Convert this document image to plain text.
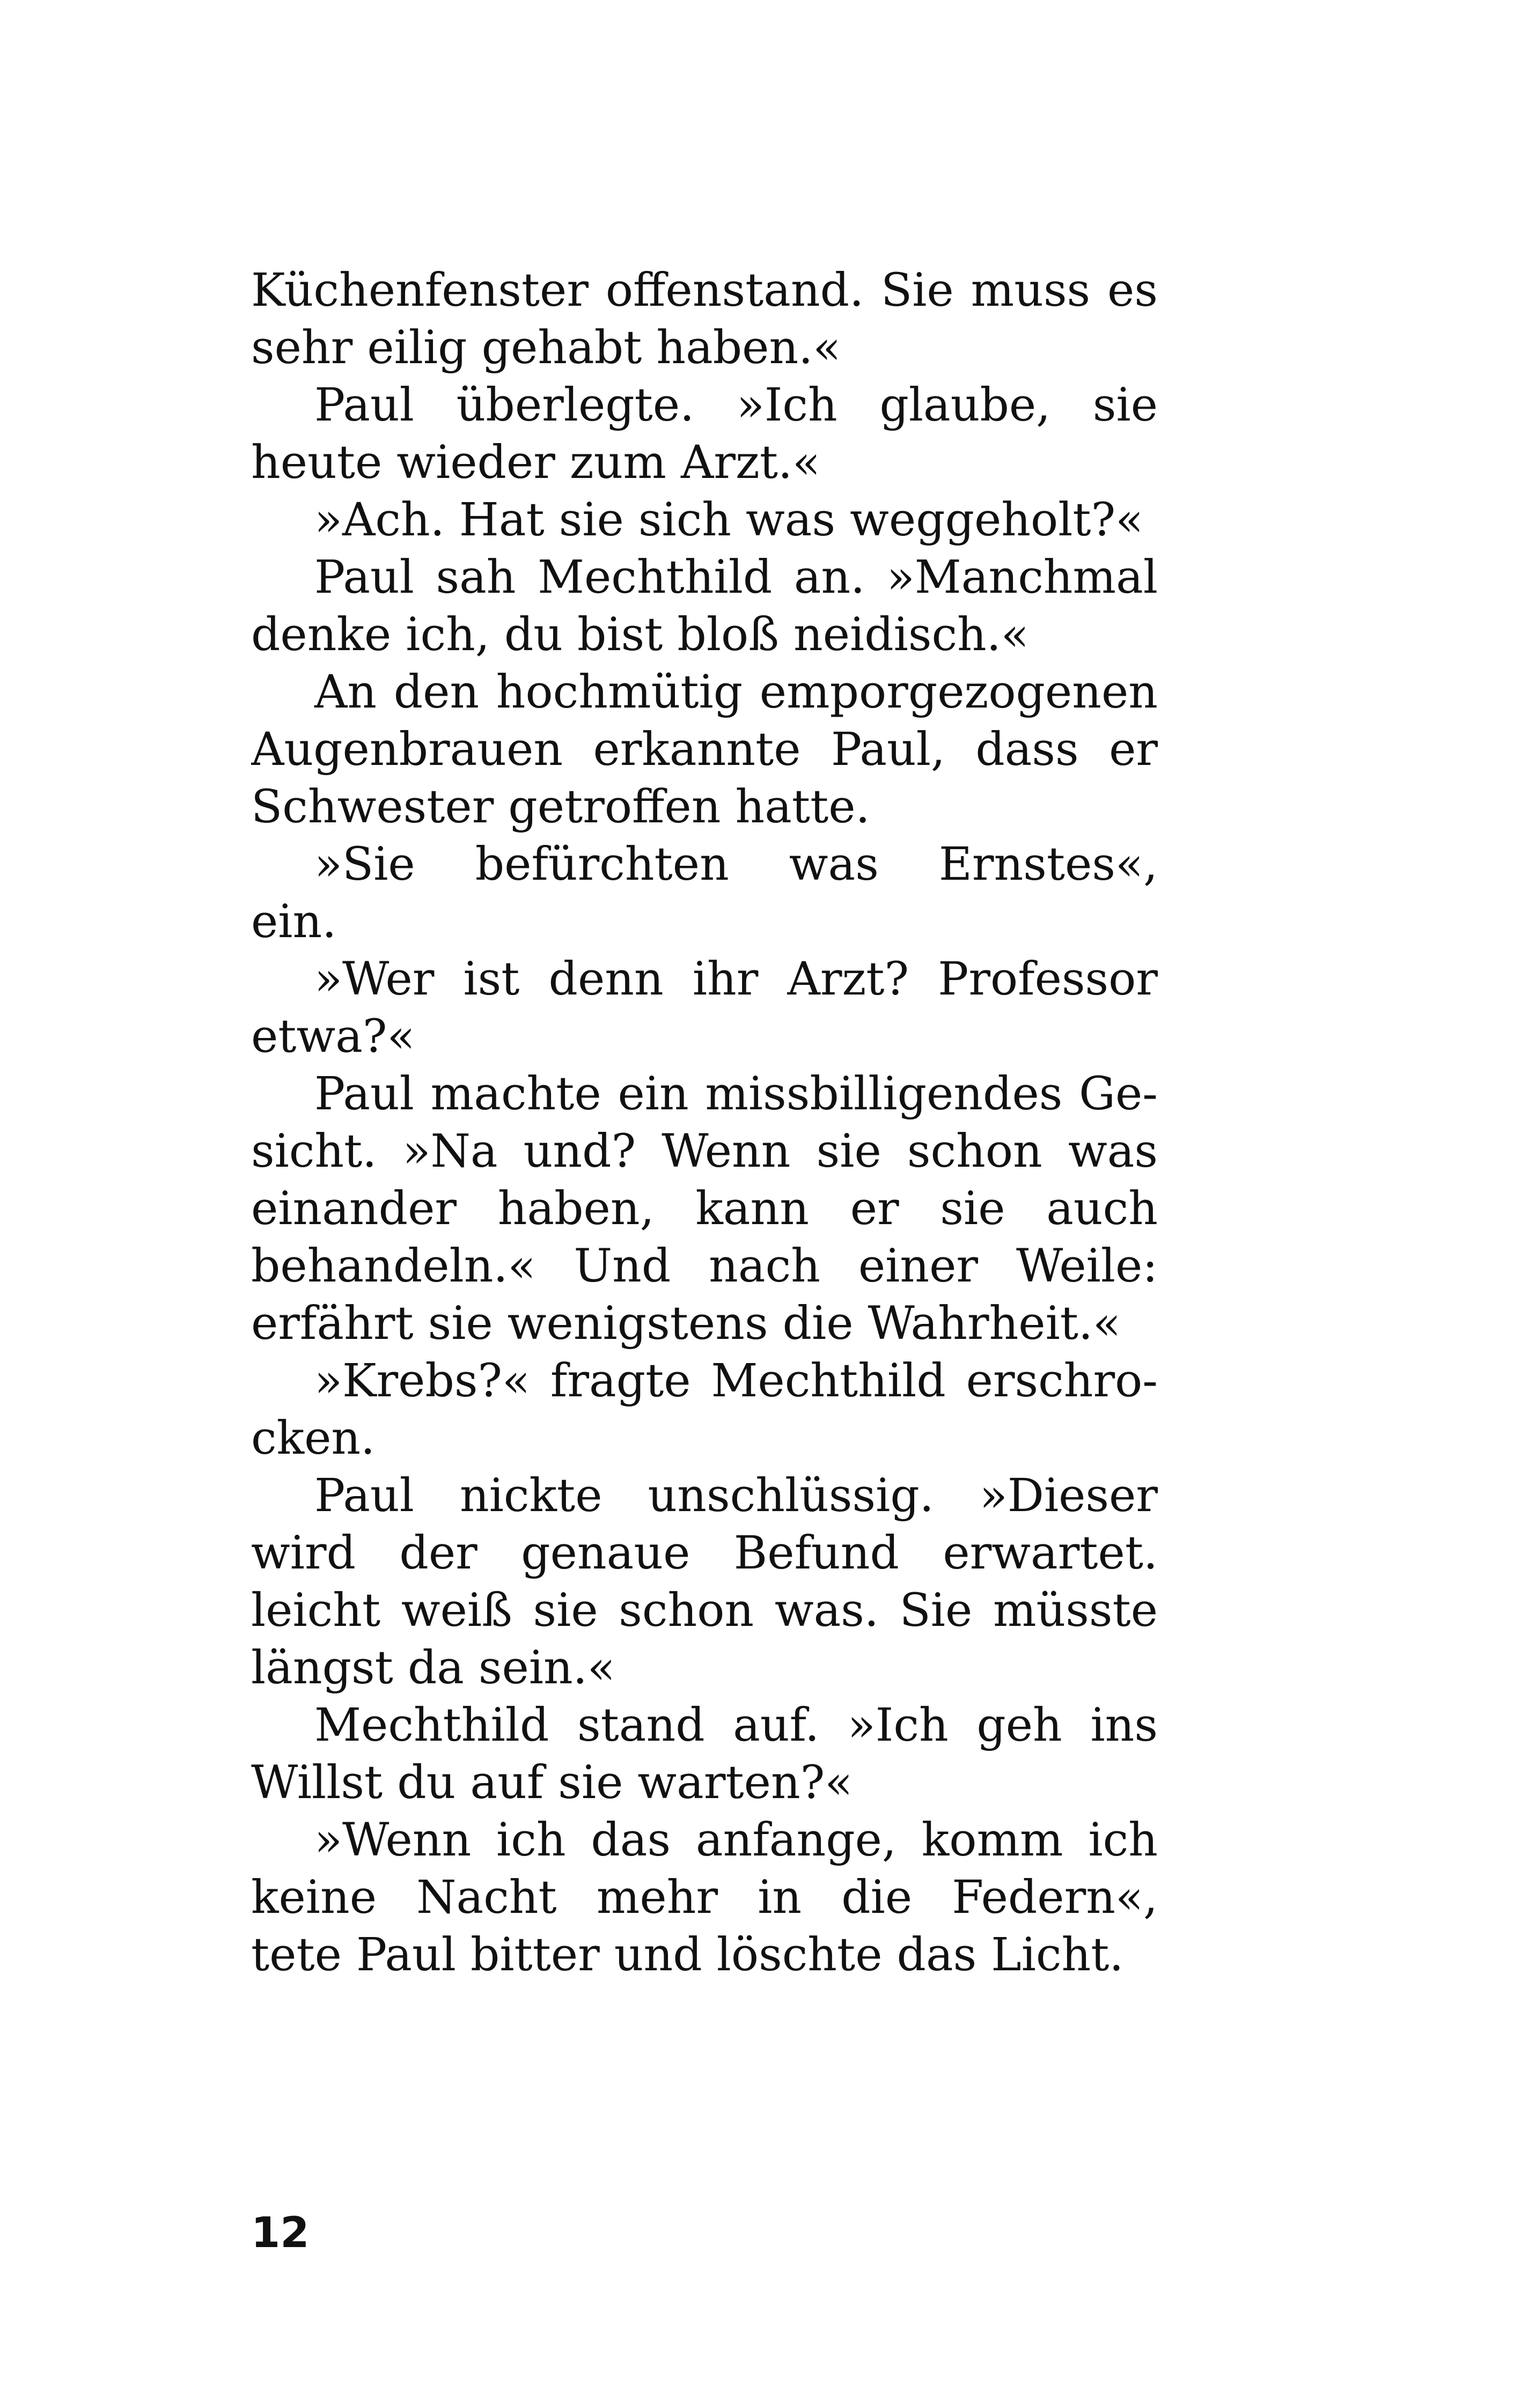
Küchenfenster offenstand. Sie muss es
sehr eilig gehabt haben.«
Paul überlegte. »Ich glaube, sie
heute wieder zum Arzt.«
»Ach. Hat sie sich was weggeholt?«
Paul sah Mechthild an. »Manchmal
denke ich, du bist bloß neidisch.«
An den hochmütig emporgezogenen
Augenbrauen erkannte Paul, dass er
Schwester getroffen hatte.
»Sie befürchten was Ernstes«,
ein.
»Wer ist denn ihr Arzt? Professor
etwa?«
Paul machte ein missbilligendes Ge-
sicht. »Na und? Wenn sie schon was
einander haben, kann er sie auch
behandeln.« Und nach einer Weile:
erfährt sie wenigstens die Wahrheit.«
»Krebs?« fragte Mechthild erschro-
cken.
Paul nickte unschlüssig. »Dieser
wird der genaue Befund erwartet.
leicht weiß sie schon was. Sie müsste
längst da sein.«
Mechthild stand auf. »Ich geh ins
Willst du auf sie warten?«
»Wenn ich das anfange, komm ich
keine Nacht mehr in die Federn«,
tete Paul bitter und löschte das Licht.
12
